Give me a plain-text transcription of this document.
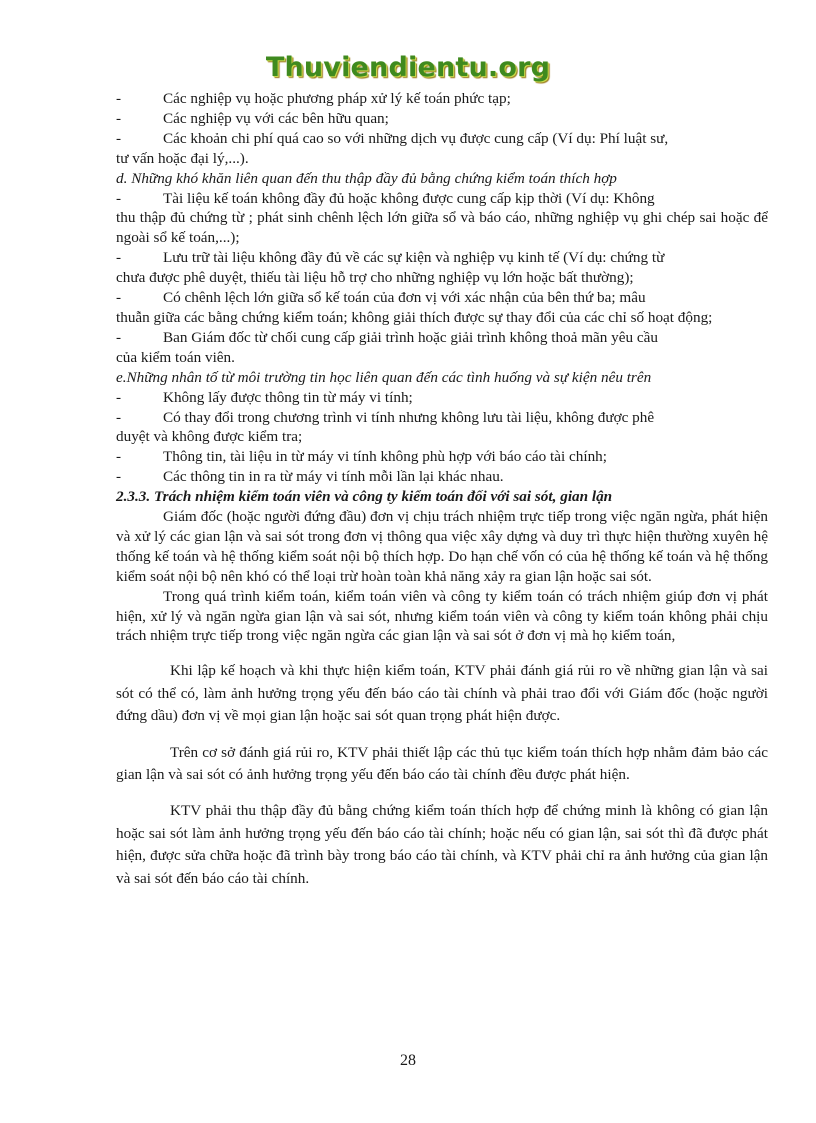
Thuviendientu.org

-	Các nghiệp vụ hoặc phương pháp xử lý kế toán phức tạp;

-	Các nghiệp vụ với các bên hữu quan;

-	Các khoản chi phí quá cao so với những dịch vụ được cung cấp (Ví dụ: Phí luật sư,
tư vấn hoặc đại lý,...).

d. Những khó khăn liên quan đến thu thập đầy đủ bằng chứng kiểm toán thích hợp

-	Tài liệu kế toán không đầy đủ hoặc không được cung cấp kịp thời (Ví dụ: Không
thu thập đủ chứng từ ; phát sinh chênh lệch lớn giữa sổ và báo cáo, những nghiệp vụ ghi chép sai hoặc để ngoài sổ kế toán,...);

-	Lưu trữ tài liệu không đầy đủ về các sự kiện và nghiệp vụ kinh tế (Ví dụ: chứng từ
chưa được phê duyệt, thiếu tài liệu hỗ trợ cho những nghiệp vụ lớn hoặc bất thường);

-	Có chênh lệch lớn giữa sổ kế toán của đơn vị với xác nhận của bên thứ ba; mâu
thuẫn giữa các bằng chứng kiểm toán; không giải thích được sự thay đổi của các chỉ số hoạt động;

-	Ban Giám đốc từ chối cung cấp giải trình hoặc giải trình không thoả mãn yêu cầu
của kiểm toán viên.

e.Những nhân tố từ môi trường tin học liên quan đến các tình huống và sự kiện nêu trên

-	Không lấy được thông tin từ máy vi tính;

-	Có thay đổi trong chương trình vi tính nhưng không lưu tài liệu, không được phê
duyệt và không được kiểm tra;

-	Thông tin, tài liệu in từ máy vi tính không phù hợp với báo cáo tài chính;

-	Các thông tin in ra từ máy vi tính mỗi lần lại khác nhau.

2.3.3. Trách nhiệm kiểm toán viên và công ty kiểm toán đối với sai sót, gian lận

Giám đốc (hoặc người đứng đầu) đơn vị chịu trách nhiệm trực tiếp trong việc ngăn ngừa, phát hiện và xử lý các gian lận và sai sót trong đơn vị thông qua việc xây dựng và duy trì thực hiện thường xuyên hệ thống kế toán và hệ thống kiểm soát nội bộ thích hợp. Do hạn chế vốn có của hệ thống kế toán và hệ thống kiểm soát nội bộ nên khó có thể loại trừ hoàn toàn khả năng xảy ra gian lận hoặc sai sót.

Trong quá trình kiểm toán, kiểm toán viên và công ty kiểm toán có trách nhiệm giúp đơn vị phát hiện, xử lý và ngăn ngừa gian lận và sai sót, nhưng kiểm toán viên và công ty kiểm toán không phải chịu trách nhiệm trực tiếp trong việc ngăn ngừa các gian lận và sai sót ở đơn vị mà họ kiểm toán,

Khi lập kế hoạch và khi thực hiện kiểm toán, KTV phải đánh giá rủi ro về những gian lận và sai sót có thể có, làm ảnh hưởng trọng yếu đến báo cáo tài chính và phải trao đổi với Giám đốc (hoặc người đứng dầu) đơn vị về mọi gian lận hoặc sai sót quan trọng phát hiện được.

Trên cơ sở đánh giá rủi ro, KTV phải thiết lập các thủ tục kiểm toán thích hợp nhằm đảm bảo các gian lận và sai sót có ảnh hưởng trọng yếu đến báo cáo tài chính đều được phát hiện.

KTV phải thu thập đầy đủ bằng chứng kiểm toán thích hợp để chứng minh là không có gian lận hoặc sai sót làm ảnh hưởng trọng yếu đến báo cáo tài chính; hoặc nếu có gian lận, sai sót thì đã được phát hiện, được sửa chữa hoặc đã trình bày trong báo cáo tài chính, và KTV phải chỉ ra ảnh hưởng của gian lận và sai sót đến báo cáo tài chính.

28
